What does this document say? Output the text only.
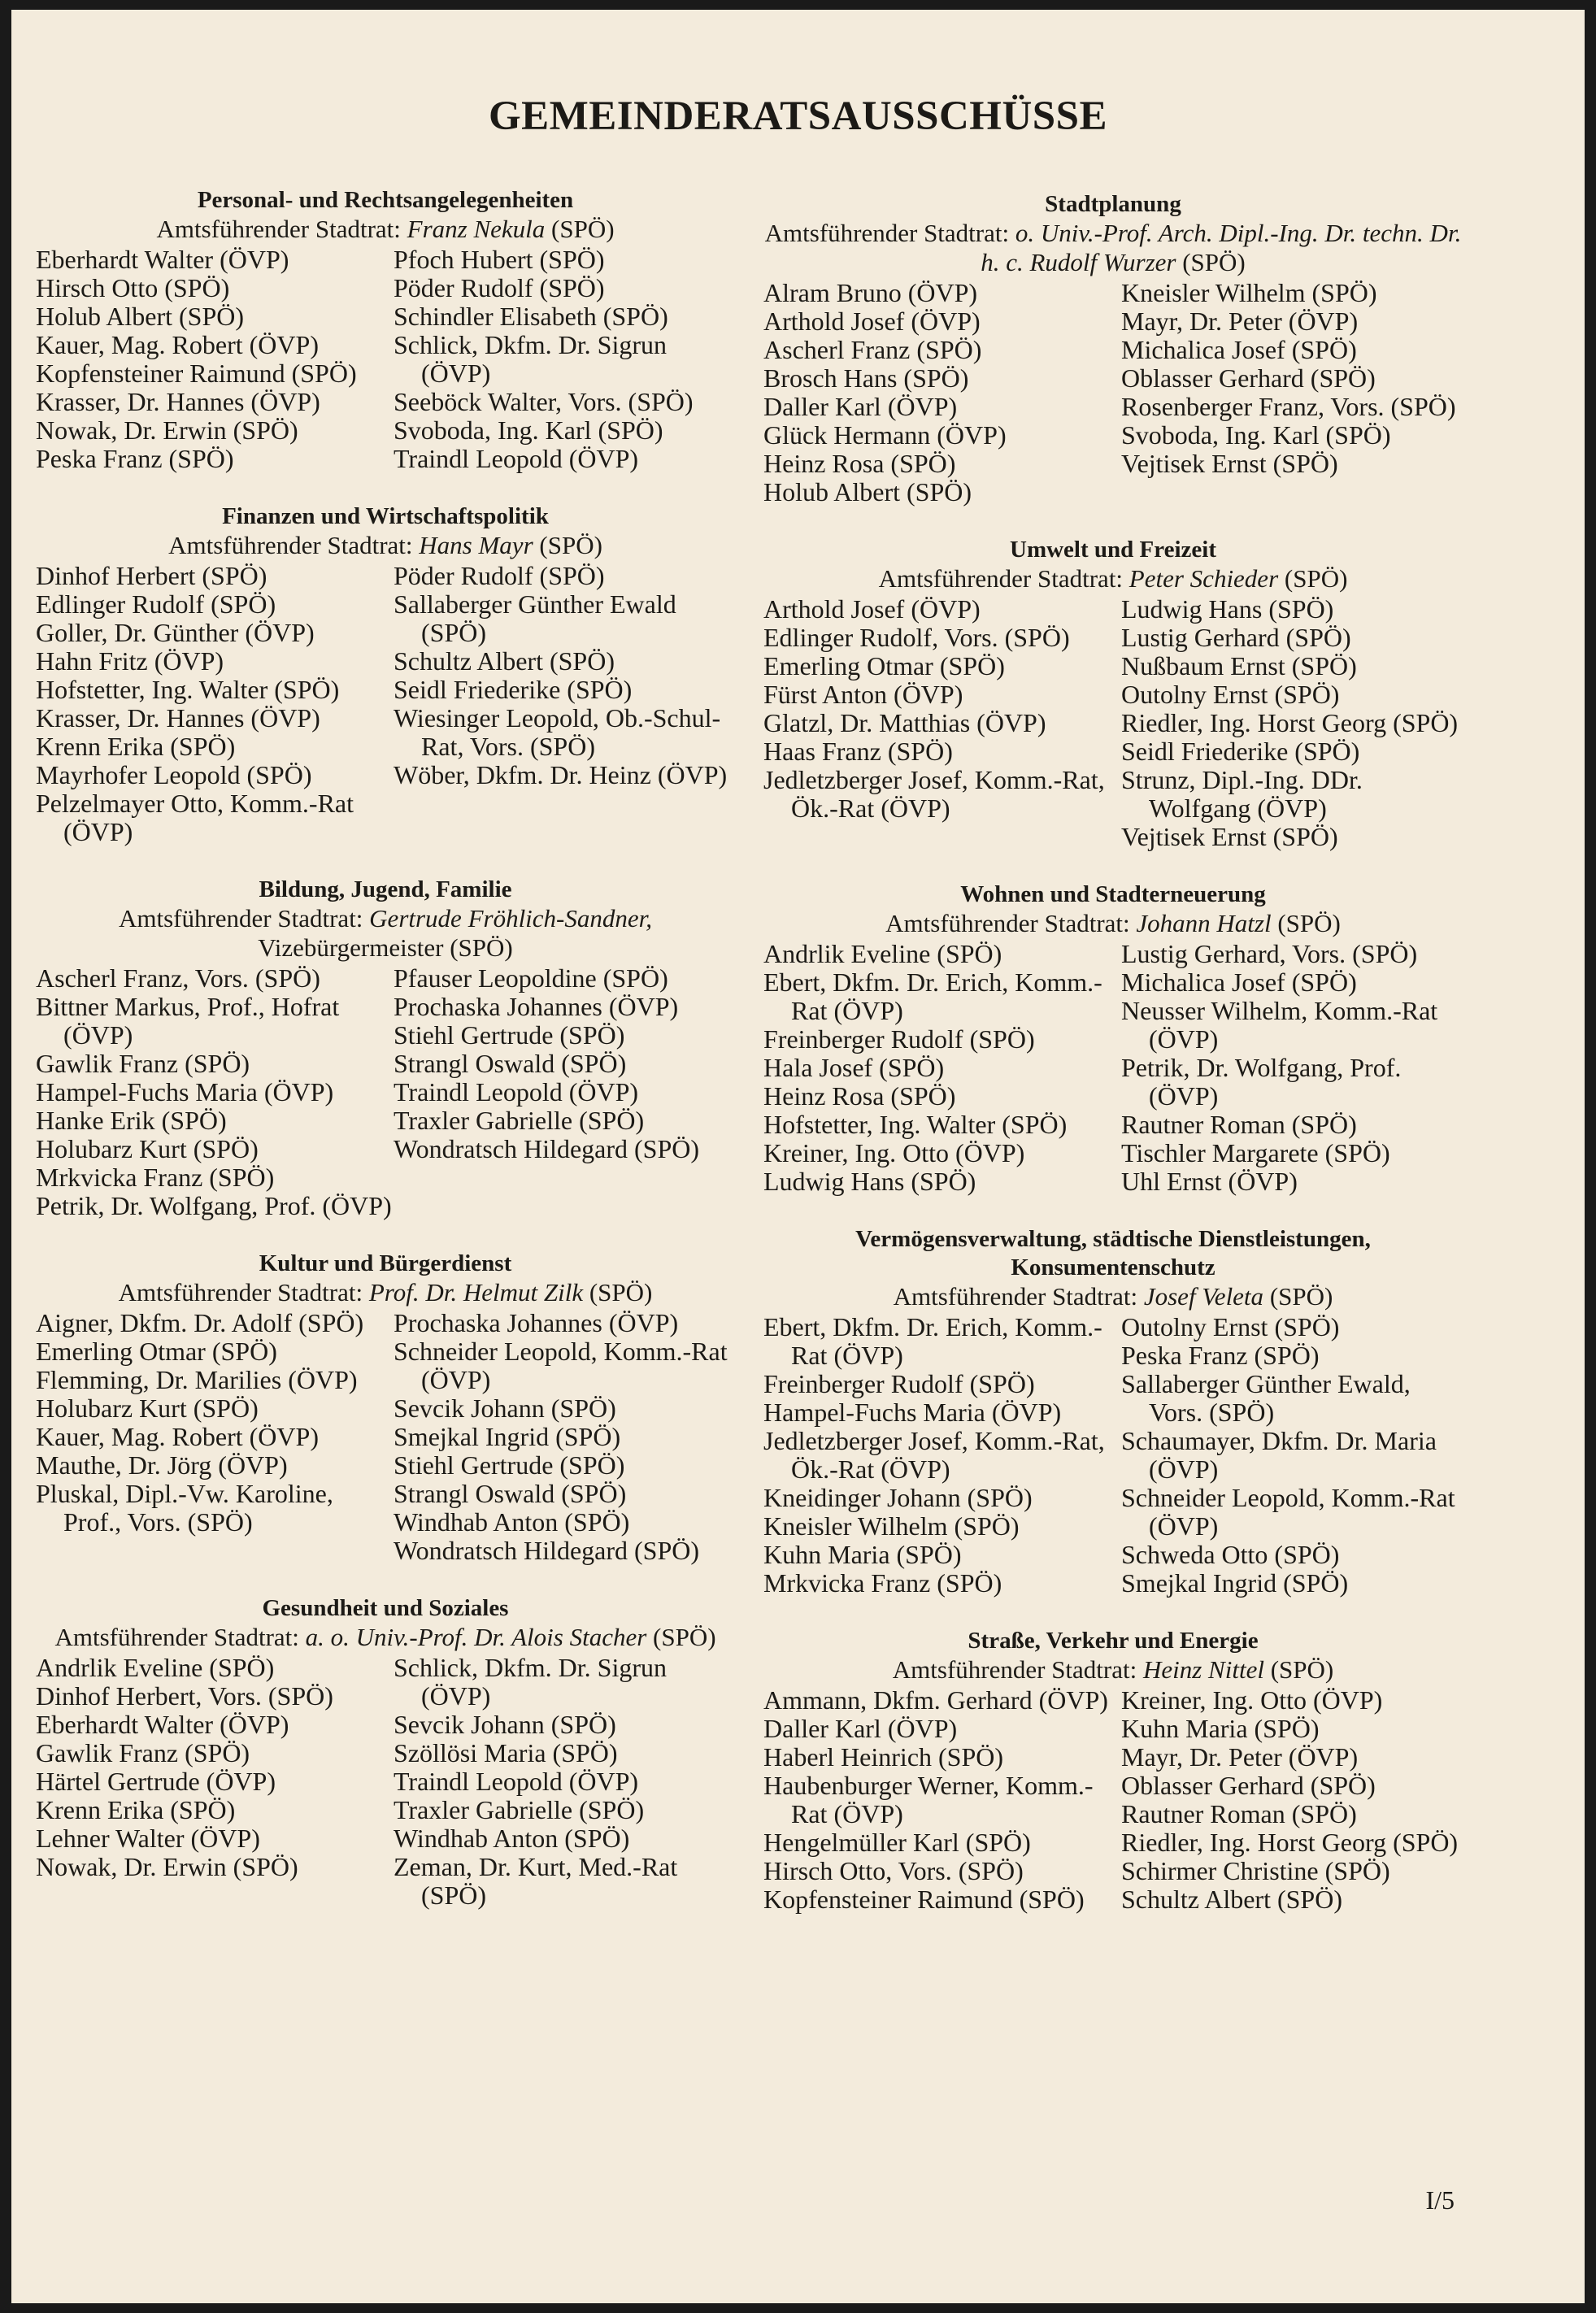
GEMEINDERATSAUSSCHÜSSE
Personal- und Rechtsangelegenheiten
Amtsführender Stadtrat: Franz Nekula (SPÖ)
Eberhardt Walter (ÖVP)
Hirsch Otto (SPÖ)
Holub Albert (SPÖ)
Kauer, Mag. Robert (ÖVP)
Kopfensteiner Raimund (SPÖ)
Krasser, Dr. Hannes (ÖVP)
Nowak, Dr. Erwin (SPÖ)
Peska Franz (SPÖ)
Pfoch Hubert (SPÖ)
Pöder Rudolf (SPÖ)
Schindler Elisabeth (SPÖ)
Schlick, Dkfm. Dr. Sigrun (ÖVP)
Seeböck Walter, Vors. (SPÖ)
Svoboda, Ing. Karl (SPÖ)
Traindl Leopold (ÖVP)
Finanzen und Wirtschaftspolitik
Amtsführender Stadtrat: Hans Mayr (SPÖ)
Dinhof Herbert (SPÖ)
Edlinger Rudolf (SPÖ)
Goller, Dr. Günther (ÖVP)
Hahn Fritz (ÖVP)
Hofstetter, Ing. Walter (SPÖ)
Krasser, Dr. Hannes (ÖVP)
Krenn Erika (SPÖ)
Mayrhofer Leopold (SPÖ)
Pelzelmayer Otto, Komm.-Rat (ÖVP)
Pöder Rudolf (SPÖ)
Sallaberger Günther Ewald (SPÖ)
Schultz Albert (SPÖ)
Seidl Friederike (SPÖ)
Wiesinger Leopold, Ob.-Schul-Rat, Vors. (SPÖ)
Wöber, Dkfm. Dr. Heinz (ÖVP)
Bildung, Jugend, Familie
Amtsführender Stadtrat: Gertrude Fröhlich-Sandner, Vizebürgermeister (SPÖ)
Ascherl Franz, Vors. (SPÖ)
Bittner Markus, Prof., Hofrat (ÖVP)
Gawlik Franz (SPÖ)
Hampel-Fuchs Maria (ÖVP)
Hanke Erik (SPÖ)
Holubarz Kurt (SPÖ)
Mrkvicka Franz (SPÖ)
Petrik, Dr. Wolfgang, Prof. (ÖVP)
Pfauser Leopoldine (SPÖ)
Prochaska Johannes (ÖVP)
Stiehl Gertrude (SPÖ)
Strangl Oswald (SPÖ)
Traindl Leopold (ÖVP)
Traxler Gabrielle (SPÖ)
Wondratsch Hildegard (SPÖ)
Kultur und Bürgerdienst
Amtsführender Stadtrat: Prof. Dr. Helmut Zilk (SPÖ)
Aigner, Dkfm. Dr. Adolf (SPÖ)
Emerling Otmar (SPÖ)
Flemming, Dr. Marilies (ÖVP)
Holubarz Kurt (SPÖ)
Kauer, Mag. Robert (ÖVP)
Mauthe, Dr. Jörg (ÖVP)
Pluskal, Dipl.-Vw. Karoline, Prof., Vors. (SPÖ)
Prochaska Johannes (ÖVP)
Schneider Leopold, Komm.-Rat (ÖVP)
Sevcik Johann (SPÖ)
Smejkal Ingrid (SPÖ)
Stiehl Gertrude (SPÖ)
Strangl Oswald (SPÖ)
Windhab Anton (SPÖ)
Wondratsch Hildegard (SPÖ)
Gesundheit und Soziales
Amtsführender Stadtrat: a. o. Univ.-Prof. Dr. Alois Stacher (SPÖ)
Andrlik Eveline (SPÖ)
Dinhof Herbert, Vors. (SPÖ)
Eberhardt Walter (ÖVP)
Gawlik Franz (SPÖ)
Härtel Gertrude (ÖVP)
Krenn Erika (SPÖ)
Lehner Walter (ÖVP)
Nowak, Dr. Erwin (SPÖ)
Schlick, Dkfm. Dr. Sigrun (ÖVP)
Sevcik Johann (SPÖ)
Szöllösi Maria (SPÖ)
Traindl Leopold (ÖVP)
Traxler Gabrielle (SPÖ)
Windhab Anton (SPÖ)
Zeman, Dr. Kurt, Med.-Rat (SPÖ)
Stadtplanung
Amtsführender Stadtrat: o. Univ.-Prof. Arch. Dipl.-Ing. Dr. techn. Dr. h. c. Rudolf Wurzer (SPÖ)
Alram Bruno (ÖVP)
Arthold Josef (ÖVP)
Ascherl Franz (SPÖ)
Brosch Hans (SPÖ)
Daller Karl (ÖVP)
Glück Hermann (ÖVP)
Heinz Rosa (SPÖ)
Holub Albert (SPÖ)
Kneisler Wilhelm (SPÖ)
Mayr, Dr. Peter (ÖVP)
Michalica Josef (SPÖ)
Oblasser Gerhard (SPÖ)
Rosenberger Franz, Vors. (SPÖ)
Svoboda, Ing. Karl (SPÖ)
Vejtisek Ernst (SPÖ)
Umwelt und Freizeit
Amtsführender Stadtrat: Peter Schieder (SPÖ)
Arthold Josef (ÖVP)
Edlinger Rudolf, Vors. (SPÖ)
Emerling Otmar (SPÖ)
Fürst Anton (ÖVP)
Glatzl, Dr. Matthias (ÖVP)
Haas Franz (SPÖ)
Jedletzberger Josef, Komm.-Rat, Ök.-Rat (ÖVP)
Ludwig Hans (SPÖ)
Lustig Gerhard (SPÖ)
Nußbaum Ernst (SPÖ)
Outolny Ernst (SPÖ)
Riedler, Ing. Horst Georg (SPÖ)
Seidl Friederike (SPÖ)
Strunz, Dipl.-Ing. DDr. Wolfgang (ÖVP)
Vejtisek Ernst (SPÖ)
Wohnen und Stadterneuerung
Amtsführender Stadtrat: Johann Hatzl (SPÖ)
Andrlik Eveline (SPÖ)
Ebert, Dkfm. Dr. Erich, Komm.-Rat (ÖVP)
Freinberger Rudolf (SPÖ)
Hala Josef (SPÖ)
Heinz Rosa (SPÖ)
Hofstetter, Ing. Walter (SPÖ)
Kreiner, Ing. Otto (ÖVP)
Ludwig Hans (SPÖ)
Lustig Gerhard, Vors. (SPÖ)
Michalica Josef (SPÖ)
Neusser Wilhelm, Komm.-Rat (ÖVP)
Petrik, Dr. Wolfgang, Prof. (ÖVP)
Rautner Roman (SPÖ)
Tischler Margarete (SPÖ)
Uhl Ernst (ÖVP)
Vermögensverwaltung, städtische Dienstleistungen, Konsumentenschutz
Amtsführender Stadtrat: Josef Veleta (SPÖ)
Ebert, Dkfm. Dr. Erich, Komm.-Rat (ÖVP)
Freinberger Rudolf (SPÖ)
Hampel-Fuchs Maria (ÖVP)
Jedletzberger Josef, Komm.-Rat, Ök.-Rat (ÖVP)
Kneidinger Johann (SPÖ)
Kneisler Wilhelm (SPÖ)
Kuhn Maria (SPÖ)
Mrkvicka Franz (SPÖ)
Outolny Ernst (SPÖ)
Peska Franz (SPÖ)
Sallaberger Günther Ewald, Vors. (SPÖ)
Schaumayer, Dkfm. Dr. Maria (ÖVP)
Schneider Leopold, Komm.-Rat (ÖVP)
Schweda Otto (SPÖ)
Smejkal Ingrid (SPÖ)
Straße, Verkehr und Energie
Amtsführender Stadtrat: Heinz Nittel (SPÖ)
Ammann, Dkfm. Gerhard (ÖVP)
Daller Karl (ÖVP)
Haberl Heinrich (SPÖ)
Haubenburger Werner, Komm.-Rat (ÖVP)
Hengelmüller Karl (SPÖ)
Hirsch Otto, Vors. (SPÖ)
Kopfensteiner Raimund (SPÖ)
Kreiner, Ing. Otto (ÖVP)
Kuhn Maria (SPÖ)
Mayr, Dr. Peter (ÖVP)
Oblasser Gerhard (SPÖ)
Rautner Roman (SPÖ)
Riedler, Ing. Horst Georg (SPÖ)
Schirmer Christine (SPÖ)
Schultz Albert (SPÖ)
I/5
